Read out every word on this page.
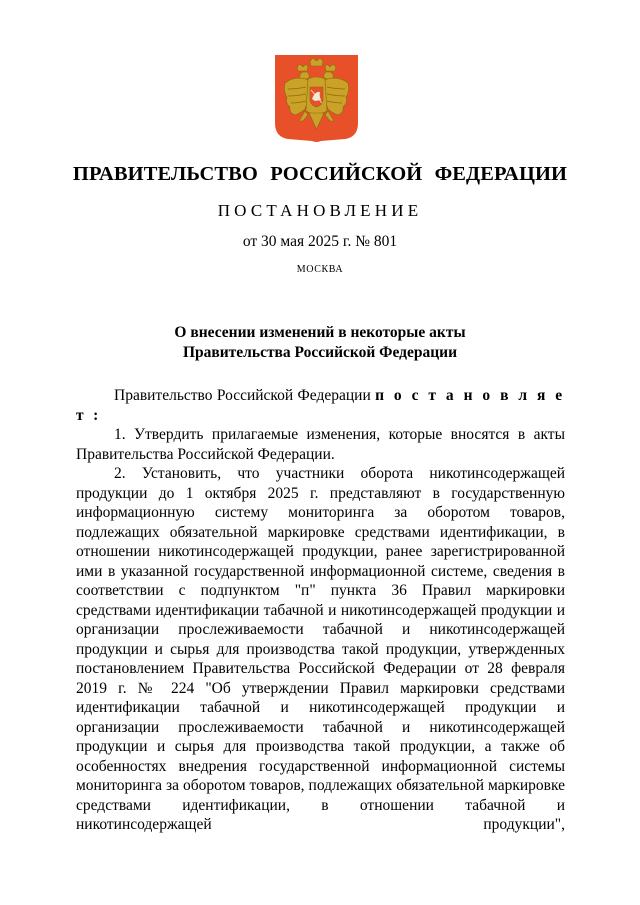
ПРАВИТЕЛЬСТВО РОССИЙСКОЙ ФЕДЕРАЦИИ
ПОСТАНОВЛЕНИЕ
от 30 мая 2025 г. № 801
МОСКВА
О внесении изменений в некоторые акты
Правительства Российской Федерации

Правительство Российской Федерации п о с т а н о в л я е т :

1. Утвердить прилагаемые изменения, которые вносятся в акты Правительства Российской Федерации.

2. Установить, что участники оборота никотинсодержащей продукции до 1 октября 2025 г. представляют в государственную информационную систему мониторинга за оборотом товаров, подлежащих обязательной маркировке средствами идентификации, в отношении никотинсодержащей продукции, ранее зарегистрированной ими в указанной государственной информационной системе, сведения в соответствии с подпунктом "п" пункта 36 Правил маркировки средствами идентификации табачной и никотинсодержащей продукции и организации прослеживаемости табачной и никотинсодержащей продукции и сырья для производства такой продукции, утвержденных постановлением Правительства Российской Федерации от 28 февраля 2019 г. № 224 "Об утверждении Правил маркировки средствами идентификации табачной и никотинсодержащей продукции и организации прослеживаемости табачной и никотинсодержащей продукции и сырья для производства такой продукции, а также об особенностях внедрения государственной информационной системы мониторинга за оборотом товаров, подлежащих обязательной маркировке средствами идентификации, в отношении табачной и никотинсодержащей продукции",
